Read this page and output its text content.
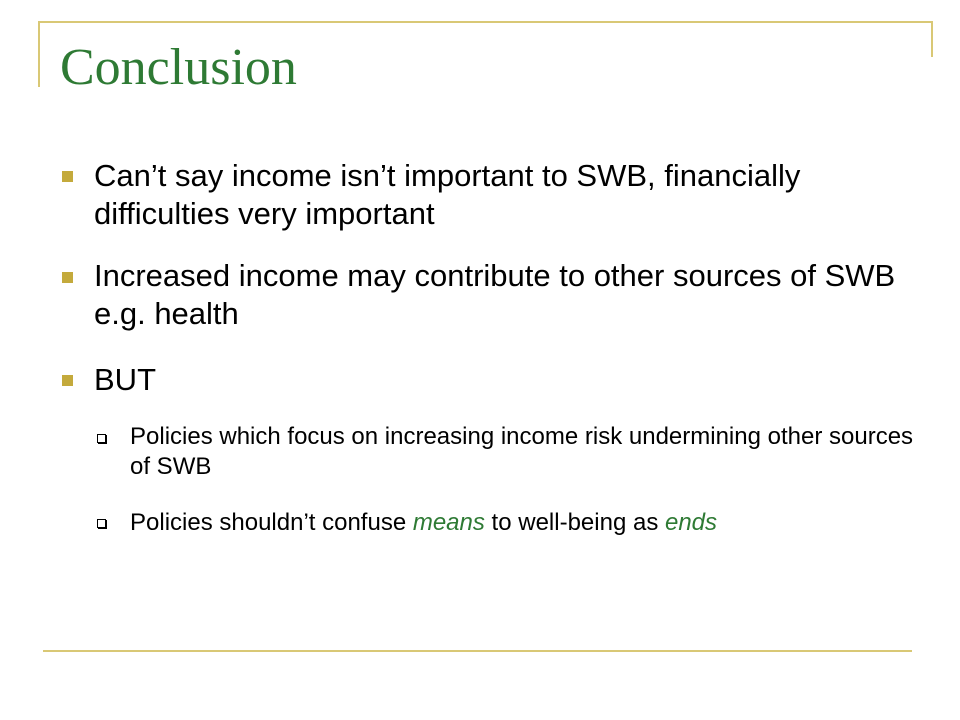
Conclusion
Can’t say income isn’t important to SWB, financially difficulties very important
Increased income may contribute to other sources of SWB e.g. health
BUT
Policies which focus on increasing income risk undermining other sources of SWB
Policies shouldn’t confuse means to well-being as ends
